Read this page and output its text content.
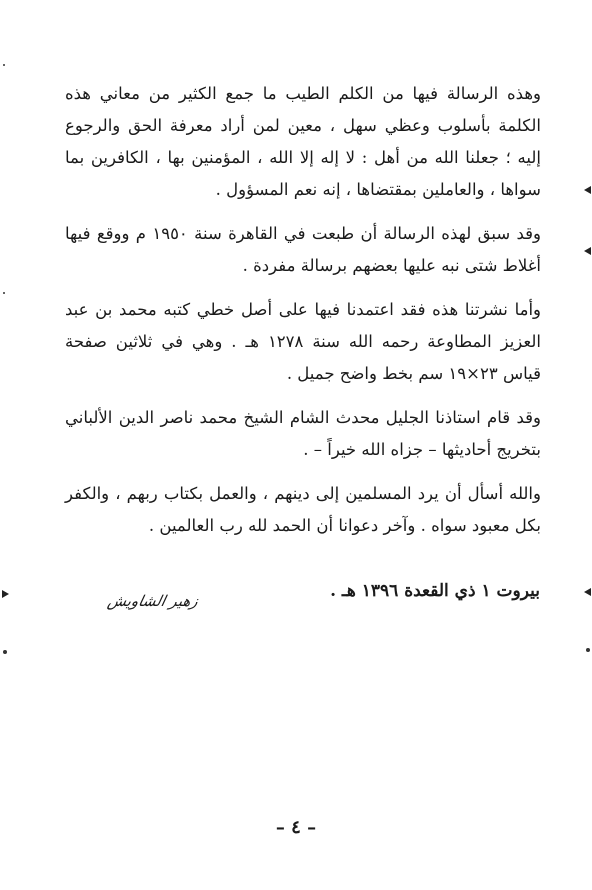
وهذه الرسالة فيها من الكلم الطيب ما جمع الكثير من معاني هذه الكلمة بأسلوب وعظي سهل ، معين لمن أراد معرفة الحق والرجوع إليه ؛ جعلنا الله من أهل : لا إله إلا الله ، المؤمنين بها ، الكافرين بما سواها ، والعاملين بمقتضاها ، إنه نعم المسؤول .

وقد سبق لهذه الرسالة أن طبعت في القاهرة سنة ١٩٥٠ م ووقع فيها أغلاط شتى نبه عليها بعضهم برسالة مفردة .

وأما نشرتنا هذه فقد اعتمدنا فيها على أصل خطي كتبه محمد بن عبد العزيز المطاوعة رحمه الله سنة ١٢٧٨ هـ . وهي في ثلاثين صفحة قياس ٢٣×١٩ سم بخط واضح جميل .

وقد قام استاذنا الجليل محدث الشام الشيخ محمد ناصر الدين الألباني بتخريج أحاديثها – جزاه الله خيراً – .

والله أسأل أن يرد المسلمين إلى دينهم ، والعمل بكتاب ربهم ، والكفر بكل معبود سواه . وآخر دعوانا أن الحمد لله رب العالمين .

بيروت ١ ذي القعدة ١٣٩٦ هـ .
زهير الشاويش
– ٤ –
